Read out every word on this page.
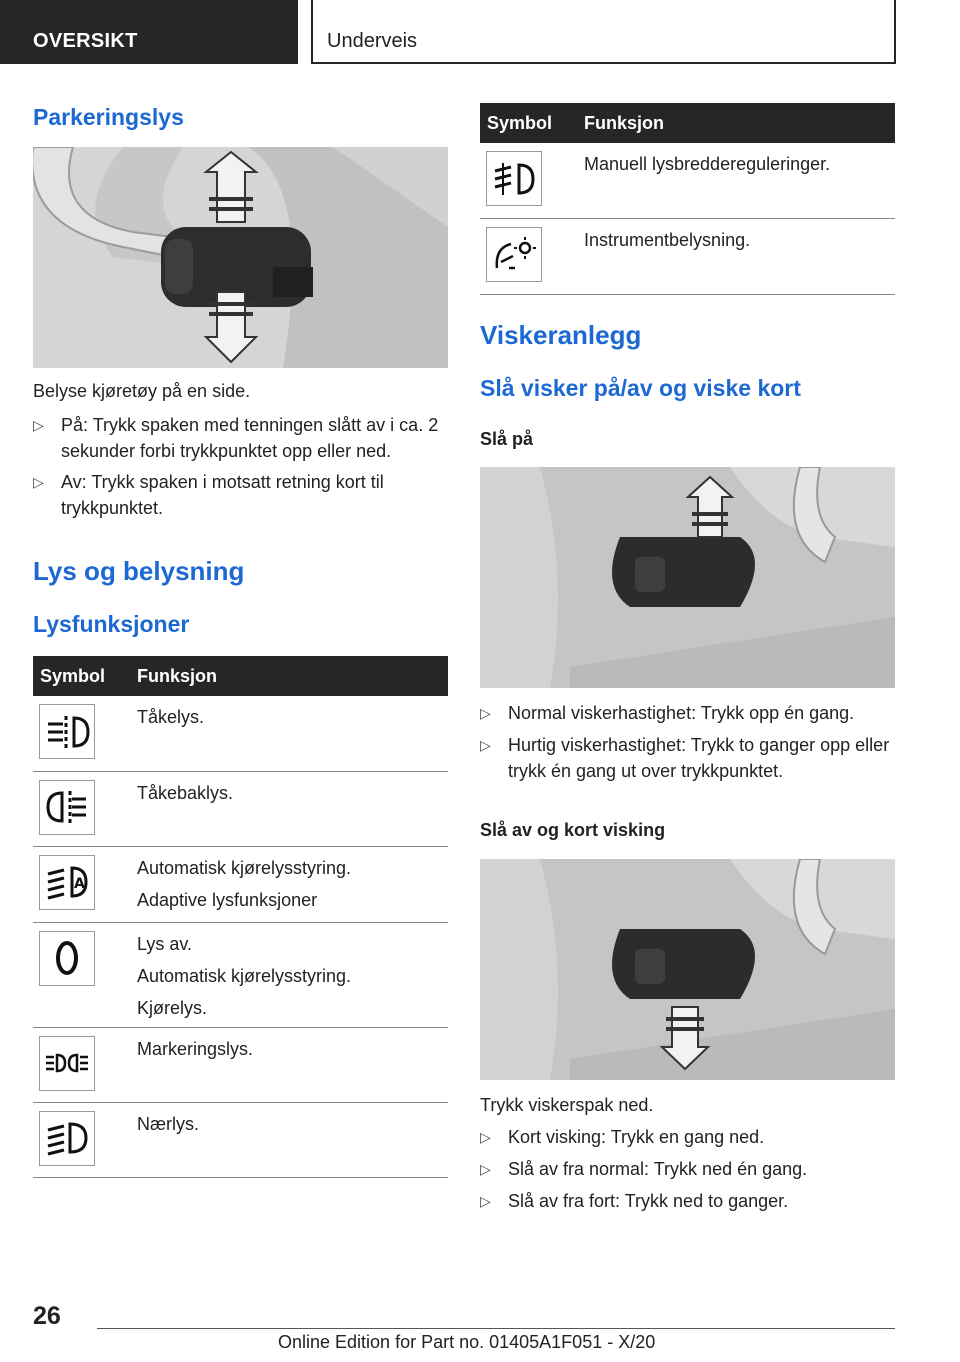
OVERSIKT	Underveis
Parkeringslys

Belyse kjøretøy på en side.

▷ På: Trykk spaken med tenningen slått av i ca. 2 sekunder forbi trykkpunktet opp eller ned.
▷ Av: Trykk spaken i motsatt retning kort til trykkpunktet.
Lys og belysning
Lysfunksjoner
Symbol	Funksjon

Tåkelys.

Tåkebaklys.

A	Automatisk kjørelysstyring.
Adaptive lysfunksjoner

Lys av.
Automatisk kjørelysstyring.
Kjørelys.

Markeringslys.

Nærlys.
Symbol	Funksjon

Manuell lysbreddereguleringer.

Instrumentbelysning.
Viskeranlegg
Slå visker på/av og viske kort
Slå på
▷ Normal viskerhastighet: Trykk opp én gang.
▷ Hurtig viskerhastighet: Trykk to ganger opp eller trykk én gang ut over trykkpunktet.
Slå av og kort visking

Trykk viskerspak ned.

▷ Kort visking: Trykk en gang ned.
▷ Slå av fra normal: Trykk ned én gang.
▷ Slå av fra fort: Trykk ned to ganger.
26
Online Edition for Part no. 01405A1F051 - X/20
